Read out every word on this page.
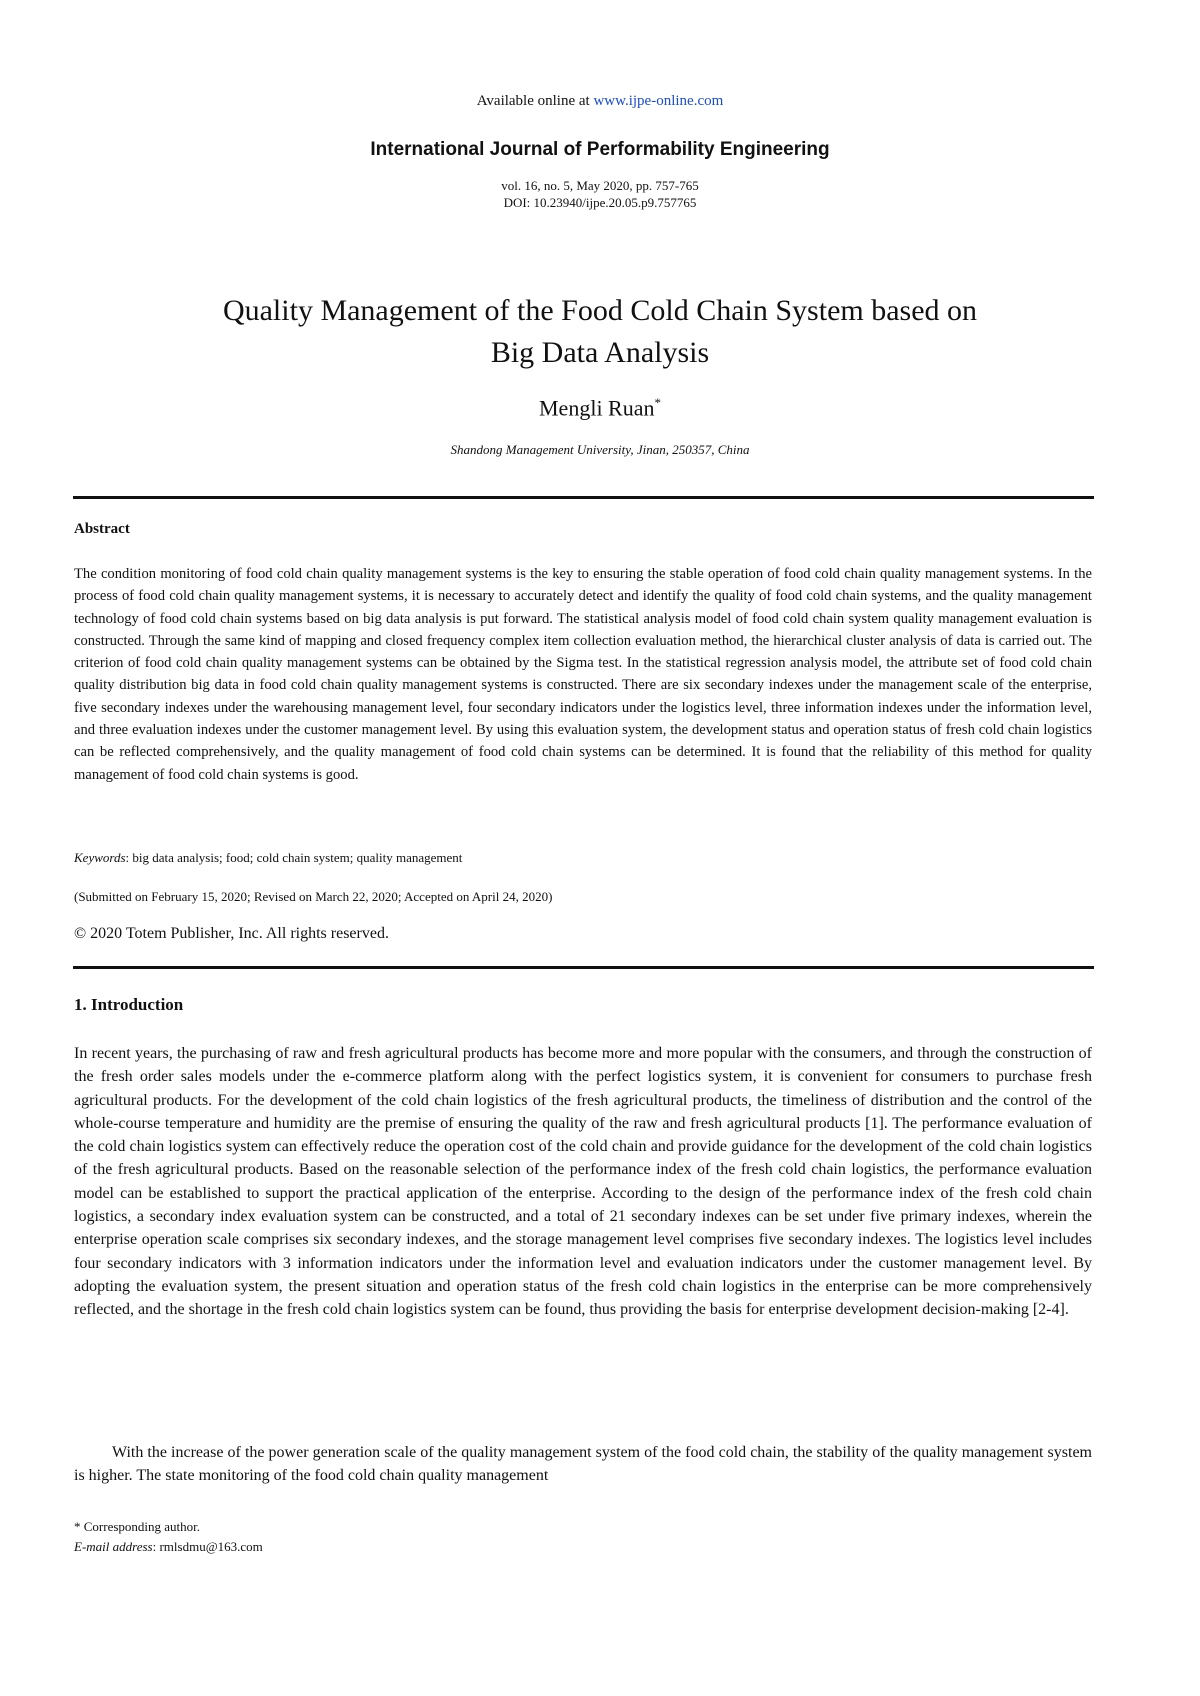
Available online at www.ijpe-online.com
International Journal of Performability Engineering
vol. 16, no. 5, May 2020, pp. 757-765
DOI: 10.23940/ijpe.20.05.p9.757765
Quality Management of the Food Cold Chain System based on
Big Data Analysis
Mengli Ruan*
Shandong Management University, Jinan, 250357, China
Abstract
The condition monitoring of food cold chain quality management systems is the key to ensuring the stable operation of food cold chain quality management systems. In the process of food cold chain quality management systems, it is necessary to accurately detect and identify the quality of food cold chain systems, and the quality management technology of food cold chain systems based on big data analysis is put forward. The statistical analysis model of food cold chain system quality management evaluation is constructed. Through the same kind of mapping and closed frequency complex item collection evaluation method, the hierarchical cluster analysis of data is carried out. The criterion of food cold chain quality management systems can be obtained by the Sigma test. In the statistical regression analysis model, the attribute set of food cold chain quality distribution big data in food cold chain quality management systems is constructed. There are six secondary indexes under the management scale of the enterprise, five secondary indexes under the warehousing management level, four secondary indicators under the logistics level, three information indexes under the information level, and three evaluation indexes under the customer management level. By using this evaluation system, the development status and operation status of fresh cold chain logistics can be reflected comprehensively, and the quality management of food cold chain systems can be determined. It is found that the reliability of this method for quality management of food cold chain systems is good.
Keywords: big data analysis; food; cold chain system; quality management
(Submitted on February 15, 2020; Revised on March 22, 2020; Accepted on April 24, 2020)
© 2020 Totem Publisher, Inc. All rights reserved.
1. Introduction
In recent years, the purchasing of raw and fresh agricultural products has become more and more popular with the consumers, and through the construction of the fresh order sales models under the e-commerce platform along with the perfect logistics system, it is convenient for consumers to purchase fresh agricultural products. For the development of the cold chain logistics of the fresh agricultural products, the timeliness of distribution and the control of the whole-course temperature and humidity are the premise of ensuring the quality of the raw and fresh agricultural products [1]. The performance evaluation of the cold chain logistics system can effectively reduce the operation cost of the cold chain and provide guidance for the development of the cold chain logistics of the fresh agricultural products. Based on the reasonable selection of the performance index of the fresh cold chain logistics, the performance evaluation model can be established to support the practical application of the enterprise. According to the design of the performance index of the fresh cold chain logistics, a secondary index evaluation system can be constructed, and a total of 21 secondary indexes can be set under five primary indexes, wherein the enterprise operation scale comprises six secondary indexes, and the storage management level comprises five secondary indexes. The logistics level includes four secondary indicators with 3 information indicators under the information level and evaluation indicators under the customer management level. By adopting the evaluation system, the present situation and operation status of the fresh cold chain logistics in the enterprise can be more comprehensively reflected, and the shortage in the fresh cold chain logistics system can be found, thus providing the basis for enterprise development decision-making [2-4].
With the increase of the power generation scale of the quality management system of the food cold chain, the stability of the quality management system is higher. The state monitoring of the food cold chain quality management
* Corresponding author.
E-mail address: rmlsdmu@163.com
